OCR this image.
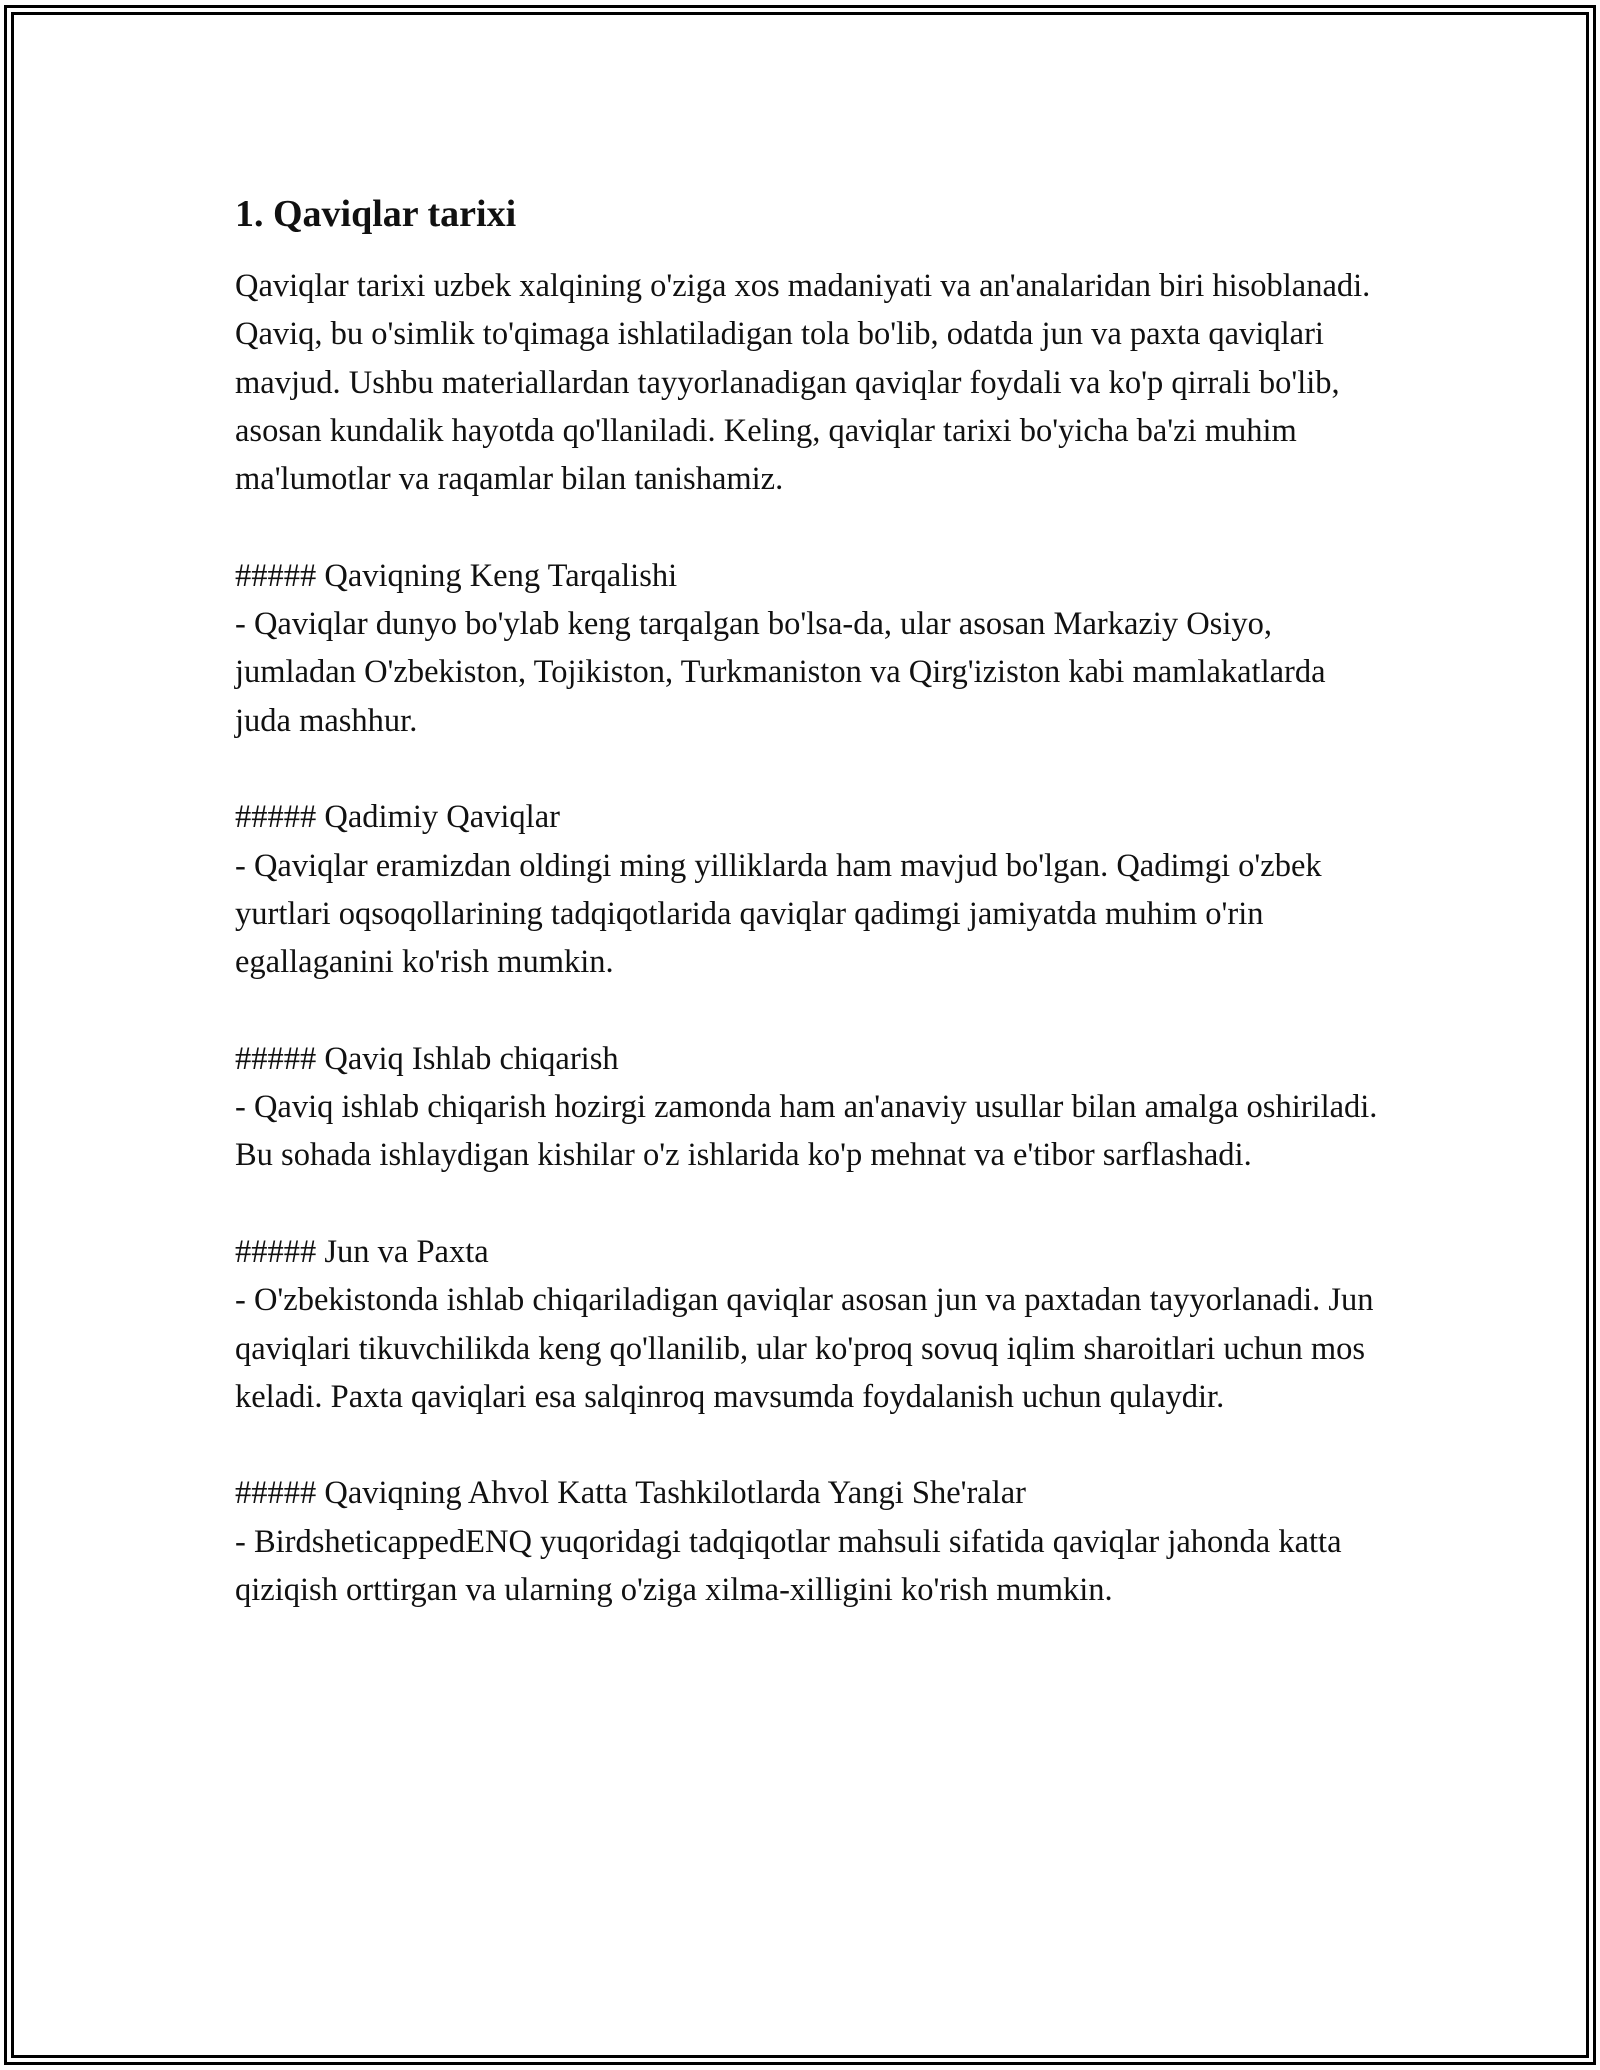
1. Qaviqlar tarixi

Qaviqlar tarixi uzbek xalqining o'ziga xos madaniyati va an'analaridan biri hisoblanadi. Qaviq, bu o'simlik to'qimaga ishlatiladigan tola bo'lib, odatda jun va paxta qaviqlari mavjud. Ushbu materiallardan tayyorlanadigan qaviqlar foydali va ko'p qirrali bo'lib, asosan kundalik hayotda qo'llaniladi. Keling, qaviqlar tarixi bo'yicha ba'zi muhim ma'lumotlar va raqamlar bilan tanishamiz.

##### Qaviqning Keng Tarqalishi

- Qaviqlar dunyo bo'ylab keng tarqalgan bo'lsa-da, ular asosan Markaziy Osiyo, jumladan O'zbekiston, Tojikiston, Turkmaniston va Qirg'iziston kabi mamlakatlarda juda mashhur.

##### Qadimiy Qaviqlar

- Qaviqlar eramizdan oldingi ming yilliklarda ham mavjud bo'lgan. Qadimgi o'zbek yurtlari oqsoqollarining tadqiqotlarida qaviqlar qadimgi jamiyatda muhim o'rin egallaganini ko'rish mumkin.

##### Qaviq Ishlab chiqarish

- Qaviq ishlab chiqarish hozirgi zamonda ham an'anaviy usullar bilan amalga oshiriladi. Bu sohada ishlaydigan kishilar o'z ishlarida ko'p mehnat va e'tibor sarflashadi.

##### Jun va Paxta

- O'zbekistonda ishlab chiqariladigan qaviqlar asosan jun va paxtadan tayyorlanadi. Jun qaviqlari tikuvchilikda keng qo'llanilib, ular ko'proq sovuq iqlim sharoitlari uchun mos keladi. Paxta qaviqlari esa salqinroq mavsumda foydalanish uchun qulaydir.

##### Qaviqning Ahvol Katta Tashkilotlarda Yangi She'ralar

- BirdsheticappedENQ yuqoridagi tadqiqotlar mahsuli sifatida qaviqlar jahonda katta qiziqish orttirgan va ularning o'ziga xilma-xilligini ko'rish mumkin.
